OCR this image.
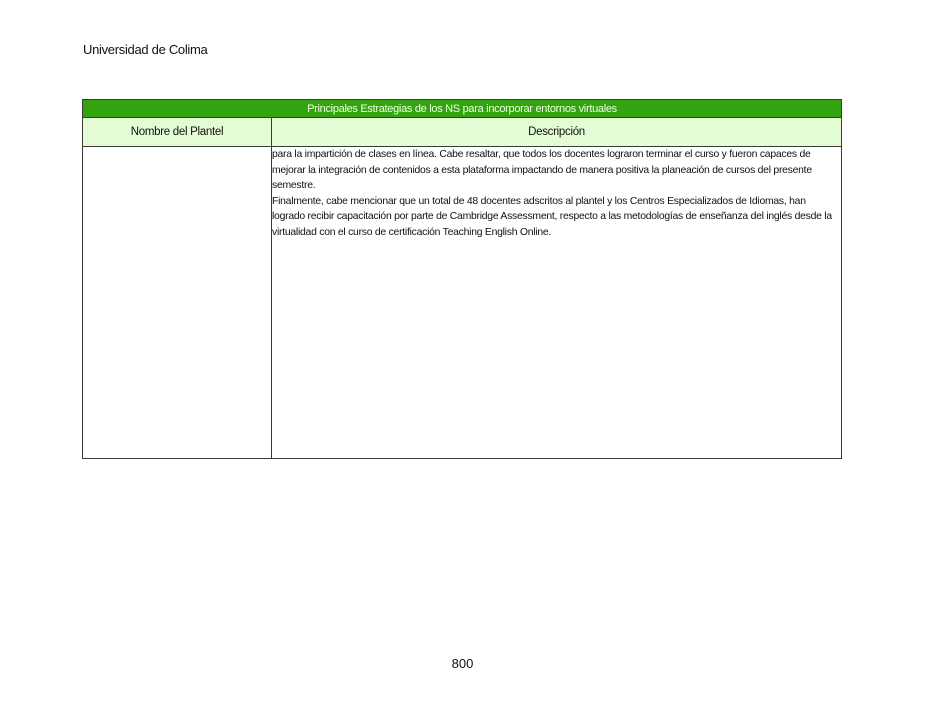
Universidad de Colima
Principales Estrategias de los NS para incorporar entornos virtuales	
Nombre del Plantel	Descripción

	para la impartición de clases en línea. Cabe resaltar, que todos los docentes lograron terminar el curso y fueron capaces de mejorar la integración de contenidos a esta plataforma impactando de manera positiva la planeación de cursos del presente semestre.

Finalmente, cabe mencionar que un total de 48 docentes adscritos al plantel y los Centros Especializados de Idiomas, han logrado recibir capacitación por parte de Cambridge Assessment, respecto a las metodologías de enseñanza del inglés desde la virtualidad con el curso de certificación Teaching English Online.

800
